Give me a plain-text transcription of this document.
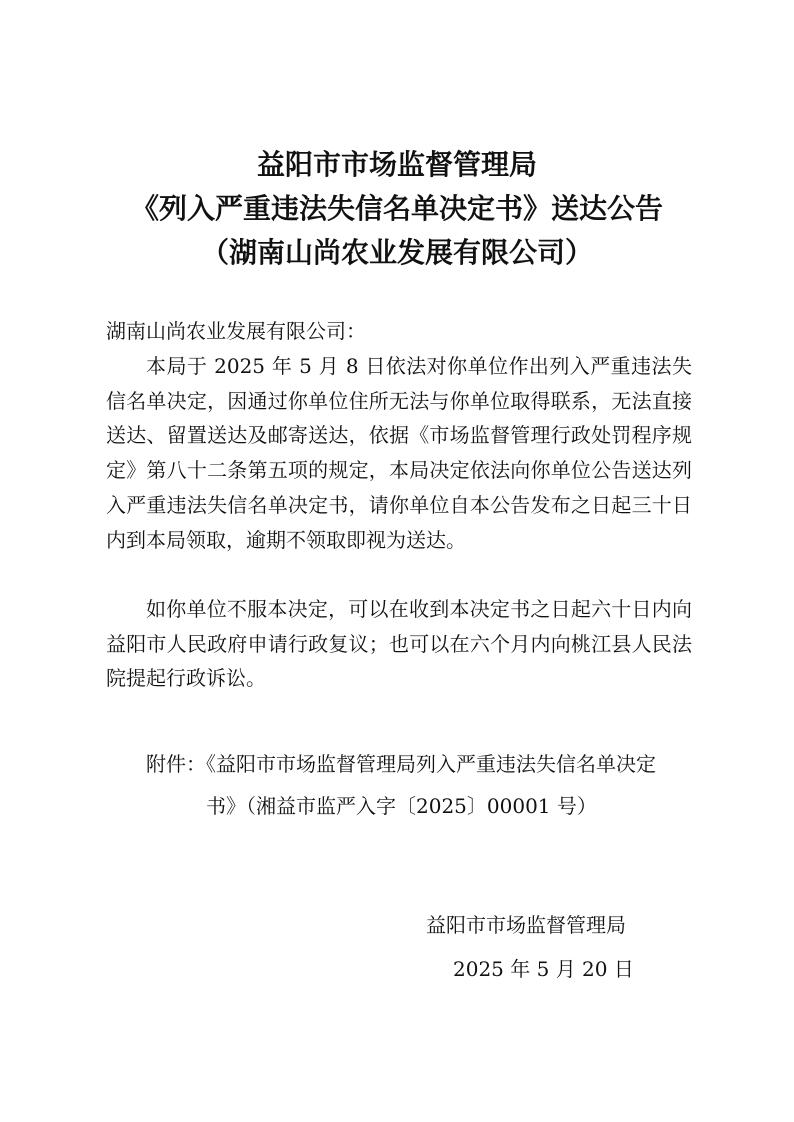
益阳市市场监督管理局
《列入严重违法失信名单决定书》送达公告
（湖南山尚农业发展有限公司）
湖南山尚农业发展有限公司：
本局于 2025 年 5 月 8 日依法对你单位作出列入严重违法失信名单决定，因通过你单位住所无法与你单位取得联系，无法直接送达、留置送达及邮寄送达，依据《市场监督管理行政处罚程序规定》第八十二条第五项的规定，本局决定依法向你单位公告送达列入严重违法失信名单决定书，请你单位自本公告发布之日起三十日内到本局领取，逾期不领取即视为送达。
如你单位不服本决定，可以在收到本决定书之日起六十日内向益阳市人民政府申请行政复议；也可以在六个月内向桃江县人民法院提起行政诉讼。
附件：《益阳市市场监督管理局列入严重违法失信名单决定
书》（湘益市监严入字〔2025〕00001 号）
益阳市市场监督管理局
2025 年 5 月 20 日
